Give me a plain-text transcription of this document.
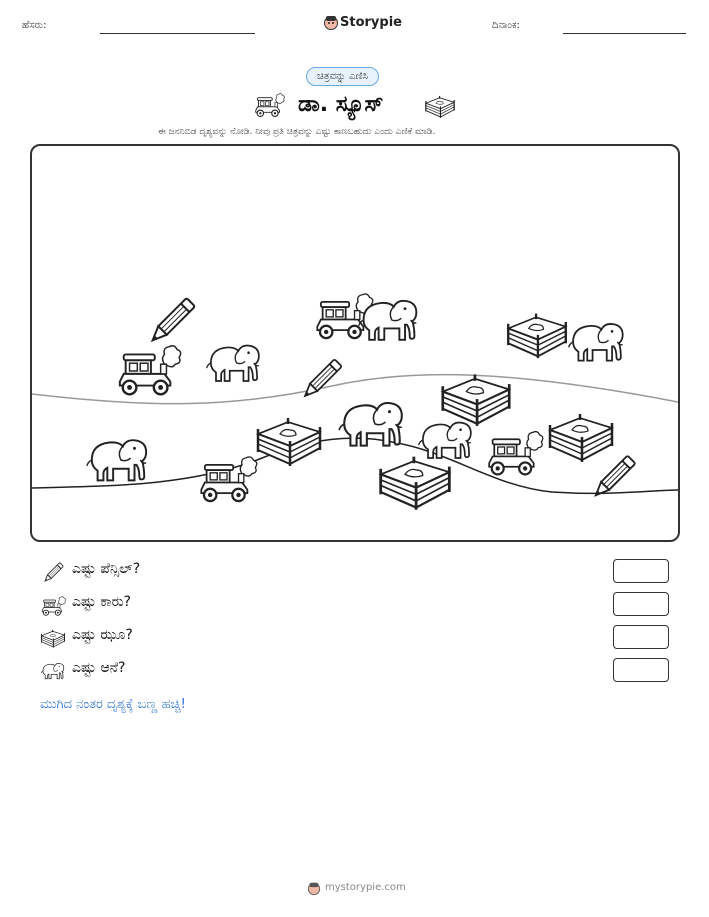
ಹೆಸರು:	Storypie	ದಿನಾಂಕ:
ಚಿತ್ರವನ್ನು ಎಣಿಸಿ
ಡಾ. ಸ್ಯೂಸ್
ಈ ಜನನಿಬಿಡ ದೃಶ್ಯವನ್ನು ನೋಡಿ. ನೀವು ಪ್ರತಿ ಚಿತ್ರವನ್ನು ಎಷ್ಟು ಕಾಣಬಹುದು ಎಂದು ಎಣಿಕೆ ಮಾಡಿ.
ಎಷ್ಟು ಪೆನ್ಸಿಲ್?
ಎಷ್ಟು ಕಾರು?
ಎಷ್ಟು ಝೂ?
ಎಷ್ಟು ಆನೆ?
ಮುಗಿದ ನಂತರ ದೃಶ್ಯಕ್ಕೆ ಬಣ್ಣ ಹಚ್ಚಿ!
mystorypie.com
